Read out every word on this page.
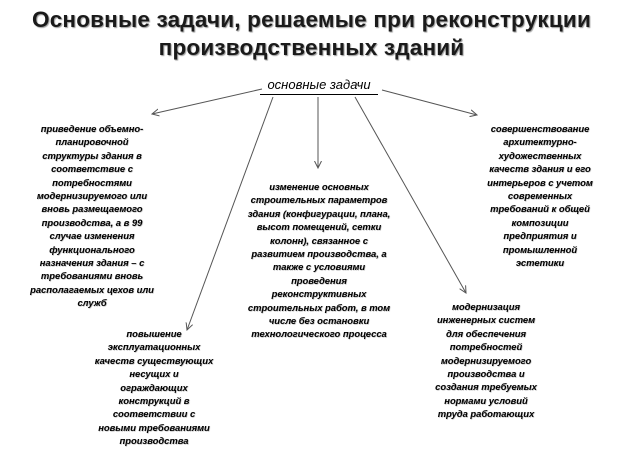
Основные задачи, решаемые при реконструкции
производственных зданий
основные задачи
приведение объемно-
планировочной
структуры здания в
соответствие с
потребностями
модернизируемого или
вновь размещаемого
производства, а в 99
случае изменения
функционального
назначения здания – с
требованиями вновь
располагаемых цехов или
служб
повышение
эксплуатационных
качеств существующих
несущих и
ограждающих
конструкций в
соответствии с
новыми требованиями
производства
изменение основных
строительных параметров
здания (конфигурации, плана,
высот помещений, сетки
колонн), связанное с
развитием производства, а
также с условиями
проведения
реконструктивных
строительных работ, в том
числе без остановки
технологического процесса
модернизация
инженерных систем
для обеспечения
потребностей
модернизируемого
производства и
создания требуемых
нормами условий
труда работающих
совершенствование
архитектурно-
художественных
качеств здания и его
интерьеров с учетом
современных
требований к общей
композиции
предприятия и
промышленной
эстетики
